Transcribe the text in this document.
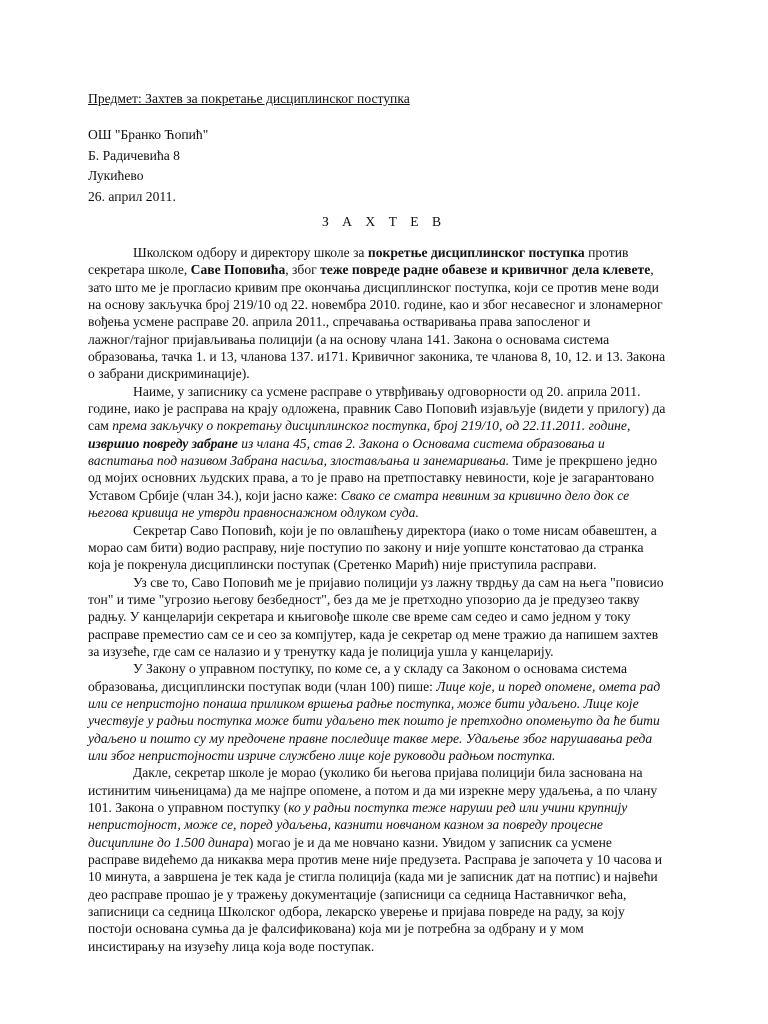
Предмет: Захтев за покретање дисциплинског поступка
ОШ "Бранко Ћопић"
Б. Радичевића 8
Лукићево
26. април 2011.
З А Х Т Е В
Школском одбору и директору школе за покретње дисциплинског поступка против
секретара школе, Саве Поповића, због теже повреде радне обавезе и кривичног дела клевете,
зато што ме је прогласио кривим пре окончања дисциплинског поступка, који се против мене води
на основу закључка број 219/10 од 22. новембра 2010. године, као и због несавесног и злонамерног
вођења усмене расправе 20. априла 2011., спречавања остваривања права запосленог и
лажног/тајног пријављивања полицији (а на основу члана 141. Закона о основама система
образовања, тачка 1. и 13, чланова 137. и171. Кривичног законика, те чланова 8, 10, 12. и 13. Закона
о забрани дискриминације).
Наиме, у записнику са усмене расправе о утврђивању одговорности од 20. априла 2011.
године, иако је расправа на крају одложена, правник Саво Поповић изјављује (видети у прилогу) да
сам према закључку о покретању дисциплинског поступка, број 219/10, од 22.11.2011. године,
извршио повреду забране из члана 45, став 2. Закона о Основама система образовања и
васпитања под називом Забрана насиља, злостављања и занемаривања. Тиме је прекршено једно
од мојих основних људских права, а то је право на претпоставку невиности, које је загарантовано
Уставом Србије (члан 34.), који јасно каже: Свако се сматра невиним за кривично дело док се
његова кривица не утврди правноснажном одлуком суда.
Секретар Саво Поповић, који је по овлашћењу директора (иако о томе нисам обавештен, а
морао сам бити) водио расправу, није поступио по закону и није уопште констатовао да странка
која је покренула дисциплински поступак (Сретенко Марић) није приступила расправи.
Уз све то, Саво Поповић ме је пријавио полицији уз лажну тврдњу да сам на њега "повисио
тон" и тиме "угрозио његову безбедност", без да ме је претходно упозорио да је предузео такву
радњу. У канцеларији секретара и књиговође школе све време сам седео и само једном у току
расправе преместио сам се и сео за компјутер, када је секретар од мене тражио да напишем захтев
за изузеће, где сам се налазио и у тренутку када је полиција ушла у канцеларију.
У Закону о управном поступку, по коме се, а у складу са Законом о основама система
образовања, дисциплински поступак води (члан 100) пише: Лице које, и поред опомене, омета рад
или се непристојно понаша приликом вршења радње поступка, може бити удаљено. Лице које
учествује у радњи поступка може бити удаљено тек пошто је претходно опомењуто да ће бити
удаљено и пошто су му предочене правне последице такве мере. Удаљење због нарушавања реда
или због непристојности изриче службено лице које руководи радњом поступка.
Дакле, секретар школе је морао (уколико би његова пријава полицији била заснована на
истинитим чињеницама) да ме најпре опомене, а потом и да ми изрекне меру удаљења, а по члану
101. Закона о управном поступку (ко у радњи поступка теже наруши ред или учини крупнију
непристојност, може се, поред удаљења, казнити новчаном казном за повреду процесне
дисциплине до 1.500 динара) могао је и да ме новчано казни. Увидом у записник са усмене
расправе видећемо да никаква мера против мене није предузета. Расправа је започета у 10 часова и
10 минута, а завршена је тек када је стигла полиција (када ми је записник дат на потпис) и највећи
део расправе прошао је у тражењу документације (записници са седница Наставничког већа,
записници са седница Школског одбора, лекарско уверење и пријава повреде на раду, за коју
постоји основана сумња да је фалсификована) која ми је потребна за одбрану и у мом
инсистирању на изузећу лица која воде поступак.
